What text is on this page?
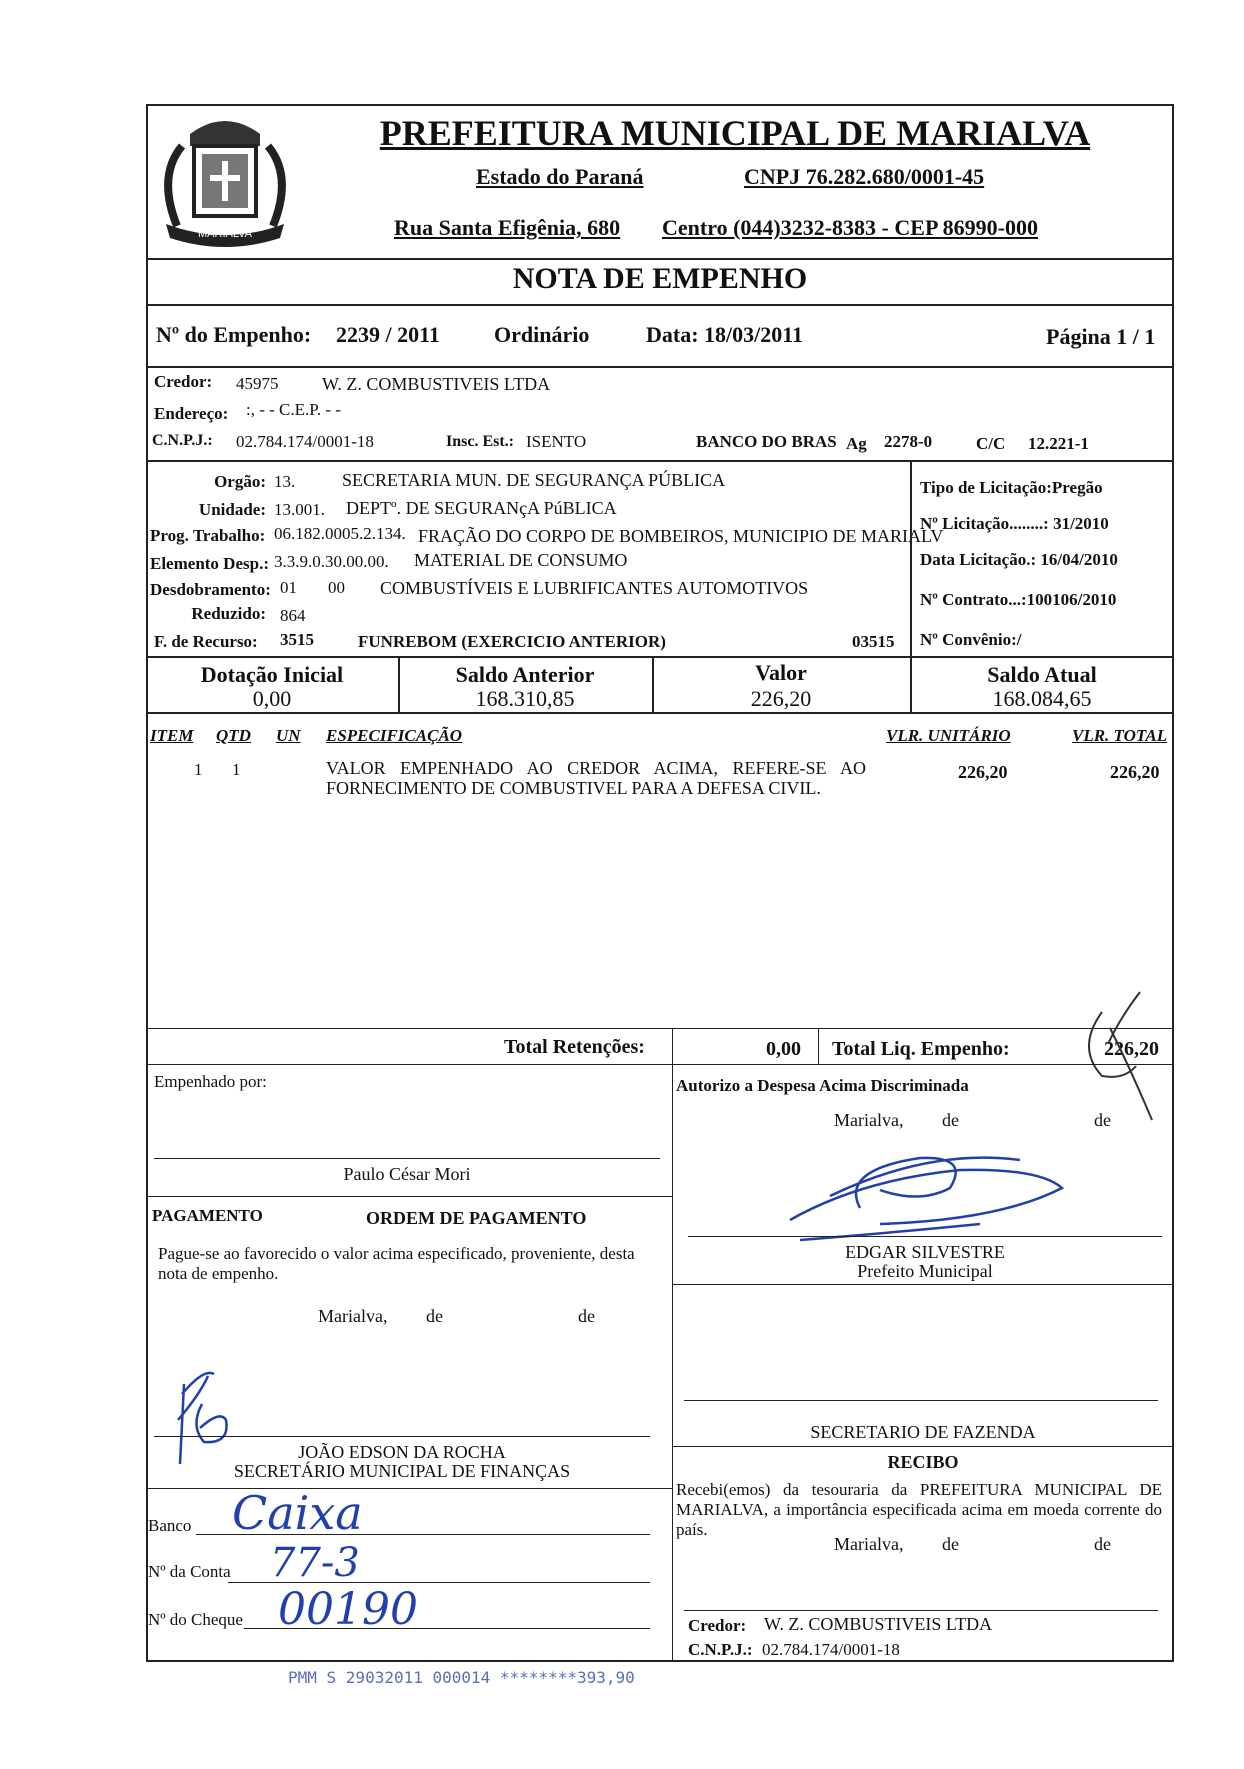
MARIALVA
PREFEITURA MUNICIPAL DE MARIALVA
Estado do Paraná	CNPJ 76.282.680/0001-45
Rua Santa Efigênia, 680 Centro (044)3232-8383 - CEP 86990-000
NOTA DE EMPENHO
Nº do Empenho: 2239 / 2011 Ordinário	Data: 18/03/2011	Página 1 / 1
Credor: 45975 W. Z. COMBUSTIVEIS LTDA
Endereço: :, - - C.E.P. - -
C.N.P.J.: 02.784.174/0001-18	Insc. Est.: ISENTO	BANCO DO BRAS Ag 2278-0	C/C 12.221-1
Orgão: 13.	SECRETARIA MUN. DE SEGURANÇA PÚBLICA
Unidade: 13.001. DEPTº. DE SEGURANçA PúBLICA
Prog. Trabalho: 06.182.0005.2.134. FRAÇÃO DO CORPO DE BOMBEIROS, MUNICIPIO DE MARIALV
Elemento Desp.: 3.3.9.0.30.00.00. MATERIAL DE CONSUMO
Desdobramento: 01 00 COMBUSTÍVEIS E LUBRIFICANTES AUTOMOTIVOS
Reduzido: 864
F. de Recurso: 3515	FUNREBOM (EXERCICIO ANTERIOR)	03515
Tipo de Licitação:Pregão
Nº Licitação........: 31/2010
Data Licitação.: 16/04/2010
Nº Contrato...:100106/2010
Nº Convênio:/
Dotação Inicial
0,00
Saldo Anterior
168.310,85
Valor
226,20
Saldo Atual
168.084,65
ITEM QTD UN ESPECIFICAÇÃO	VLR. UNITÁRIO	VLR. TOTAL
1 1	VALOR EMPENHADO AO CREDOR ACIMA, REFERE-SE AO
FORNECIMENTO DE COMBUSTIVEL PARA A DEFESA CIVIL.
226,20	226,20
Total Retenções:	0,00 Total Liq. Empenho:	226,20
Empenhado por:
Paulo César Mori
Autorizo a Despesa Acima Discriminada
Marialva, de	de
EDGAR SILVESTRE
Prefeito Municipal
PAGAMENTO	ORDEM DE PAGAMENTO
Pague-se ao favorecido o valor acima especificado, proveniente, desta
nota de empenho.
Marialva, de	de
JOÃO EDSON DA ROCHA
SECRETÁRIO MUNICIPAL DE FINANÇAS
Banco Caixa
Nº da Conta 77-3
Nº do Cheque 00190
SECRETARIO DE FAZENDA
RECIBO
Recebi(emos) da tesouraria da PREFEITURA MUNICIPAL DE
MARIALVA, a importância especificada acima em moeda corrente do
país.
Marialva, de	de
Credor: W. Z. COMBUSTIVEIS LTDA
C.N.P.J.: 02.784.174/0001-18
PMM S 29032011 000014 ********393,90
